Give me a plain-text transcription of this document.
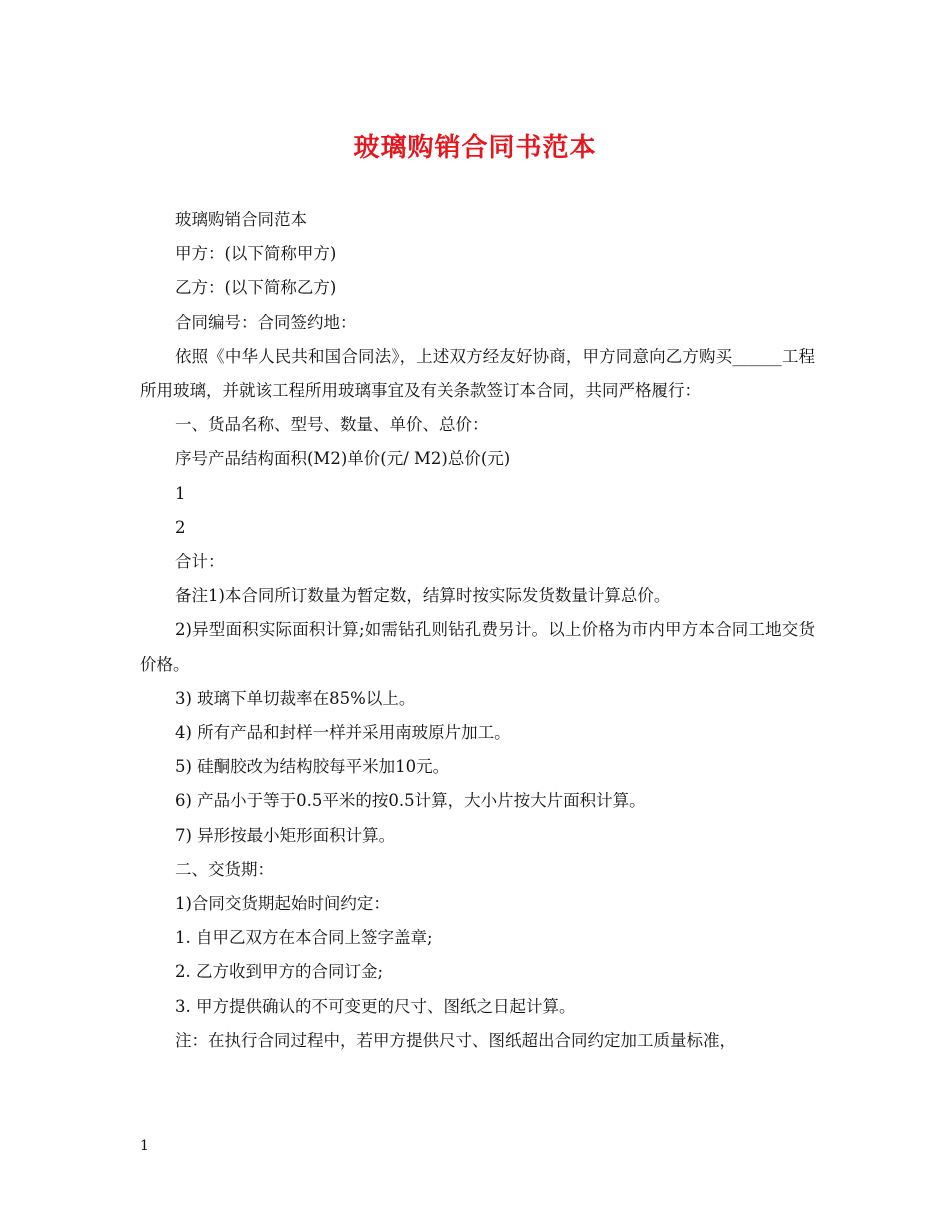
玻璃购销合同书范本

玻璃购销合同范本

甲方：(以下简称甲方)

乙方：(以下简称乙方)

合同编号：合同签约地：

依照《中华人民共和国合同法》，上述双方经友好协商，甲方同意向乙方购买______工程所用玻璃，并就该工程所用玻璃事宜及有关条款签订本合同，共同严格履行：

一、货品名称、型号、数量、单价、总价：

序号产品结构面积(M2)单价(元/ M2)总价(元)

1

2

合计：

备注1)本合同所订数量为暂定数，结算时按实际发货数量计算总价。

2)异型面积实际面积计算;如需钻孔则钻孔费另计。以上价格为市内甲方本合同工地交货价格。

3) 玻璃下单切裁率在85%以上。

4) 所有产品和封样一样并采用南玻原片加工。

5) 硅酮胶改为结构胶每平米加10元。

6) 产品小于等于0.5平米的按0.5计算，大小片按大片面积计算。

7) 异形按最小矩形面积计算。

二、交货期：

1)合同交货期起始时间约定：

1. 自甲乙双方在本合同上签字盖章;

2. 乙方收到甲方的合同订金;

3. 甲方提供确认的不可变更的尺寸、图纸之日起计算。

注：在执行合同过程中，若甲方提供尺寸、图纸超出合同约定加工质量标准，

1
